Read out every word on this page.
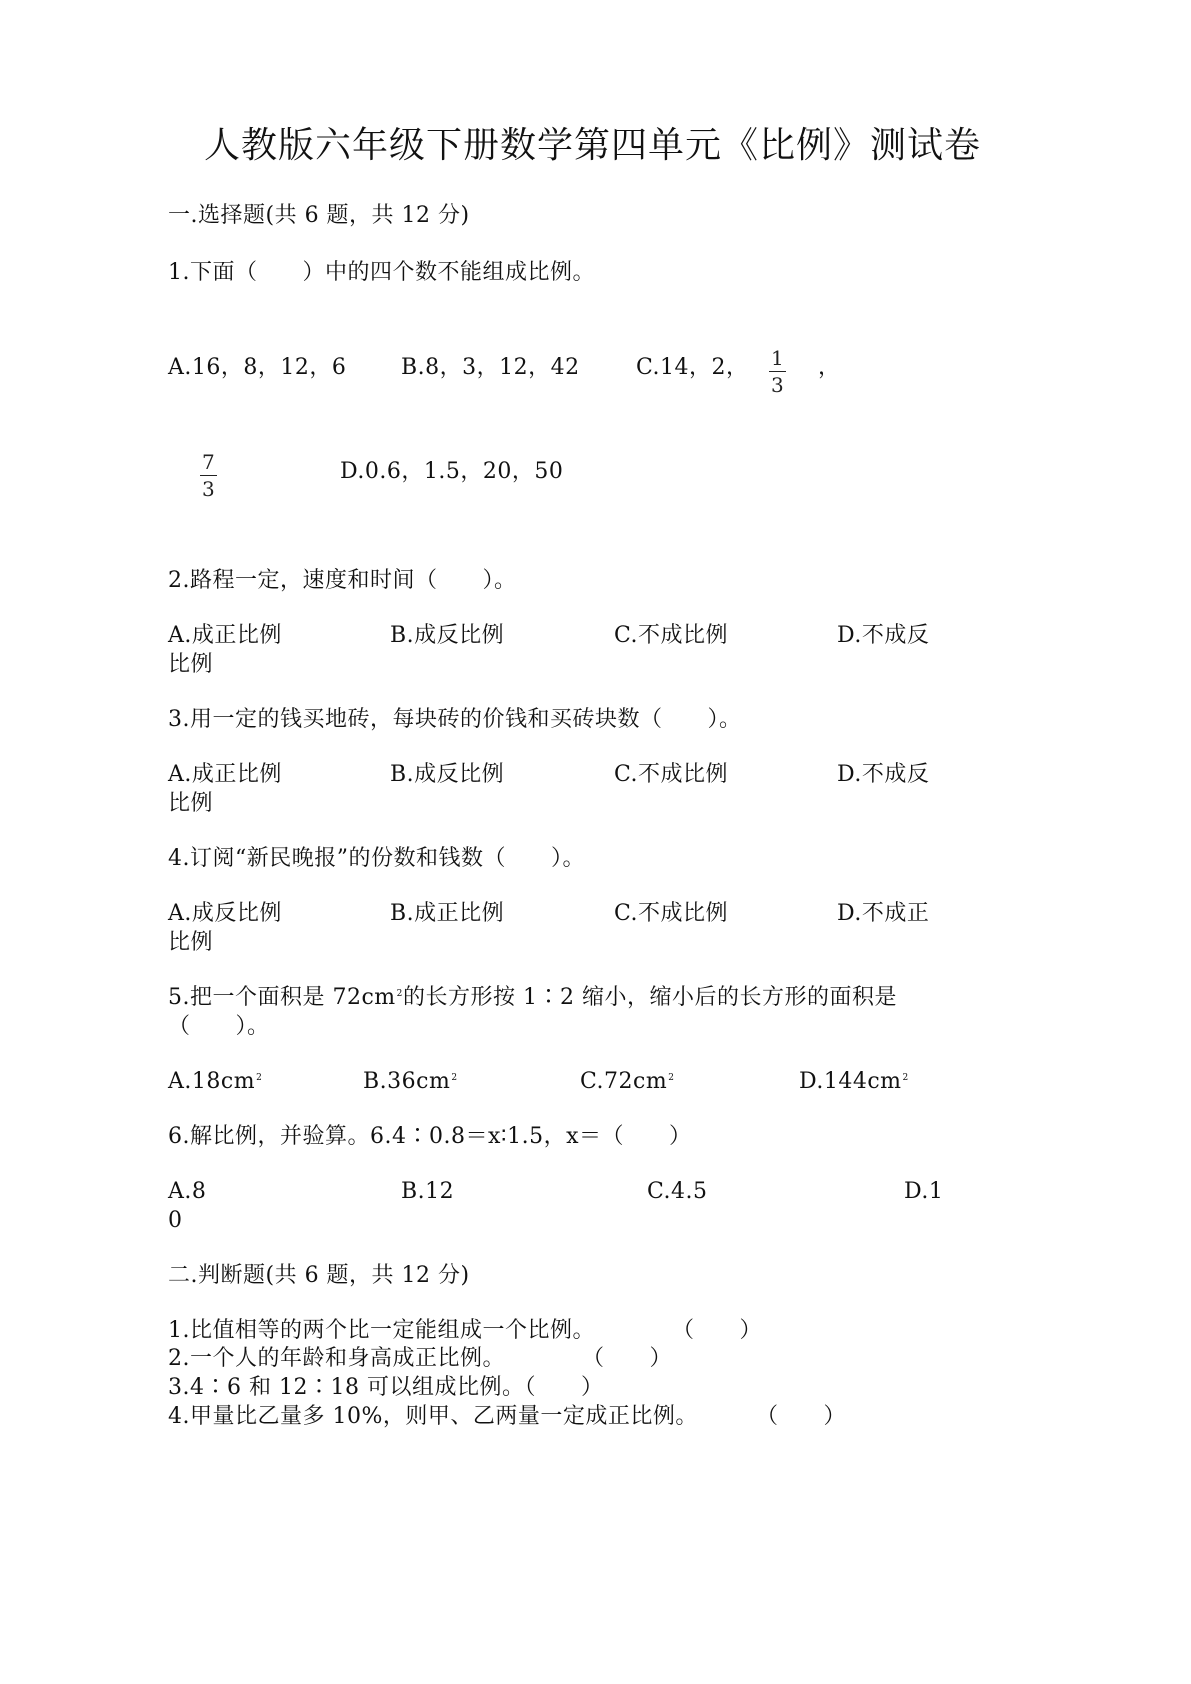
人教版六年级下册数学第四单元《比例》测试卷
一.选择题(共 6 题，共 12 分)
1.下面（　　）中的四个数不能组成比例。
A.16，8，12，6 B.8，3，12，42	C.14，2， 1
3
，
7
3
D.0.6，1.5，20，50
2.路程一定，速度和时间（　　）。
A.成正比例	B.成反比例	C.不成比例	D.不成反
比例
3.用一定的钱买地砖，每块砖的价钱和买砖块数（　　）。
A.成正比例	B.成反比例	C.不成比例	D.不成反
比例
4.订阅“新民晚报”的份数和钱数（　　）。
A.成反比例	B.成正比例	C.不成比例	D.不成正
比例
5.把一个面积是 $72cm^2$ 的长方形按 1∶2 缩小，缩小后的长方形的面积是
（　　）。
$A.18cm^2$	$B.36cm^2$	$C.72cm^2$	$D.144cm^2$
6.解比例，并验算。6.4∶0.8＝x∶1.5，x＝（　　）
A.8	B.12	C.4.5	D.1
0
二.判断题(共 6 题，共 12 分)
1.比值相等的两个比一定能组成一个比例。	（　　）
2.一个人的年龄和身高成正比例。	（　　）
3.4∶6 和 12∶18 可以组成比例。（　　）
4.甲量比乙量多 10%，则甲、乙两量一定成正比例。	（　　）
